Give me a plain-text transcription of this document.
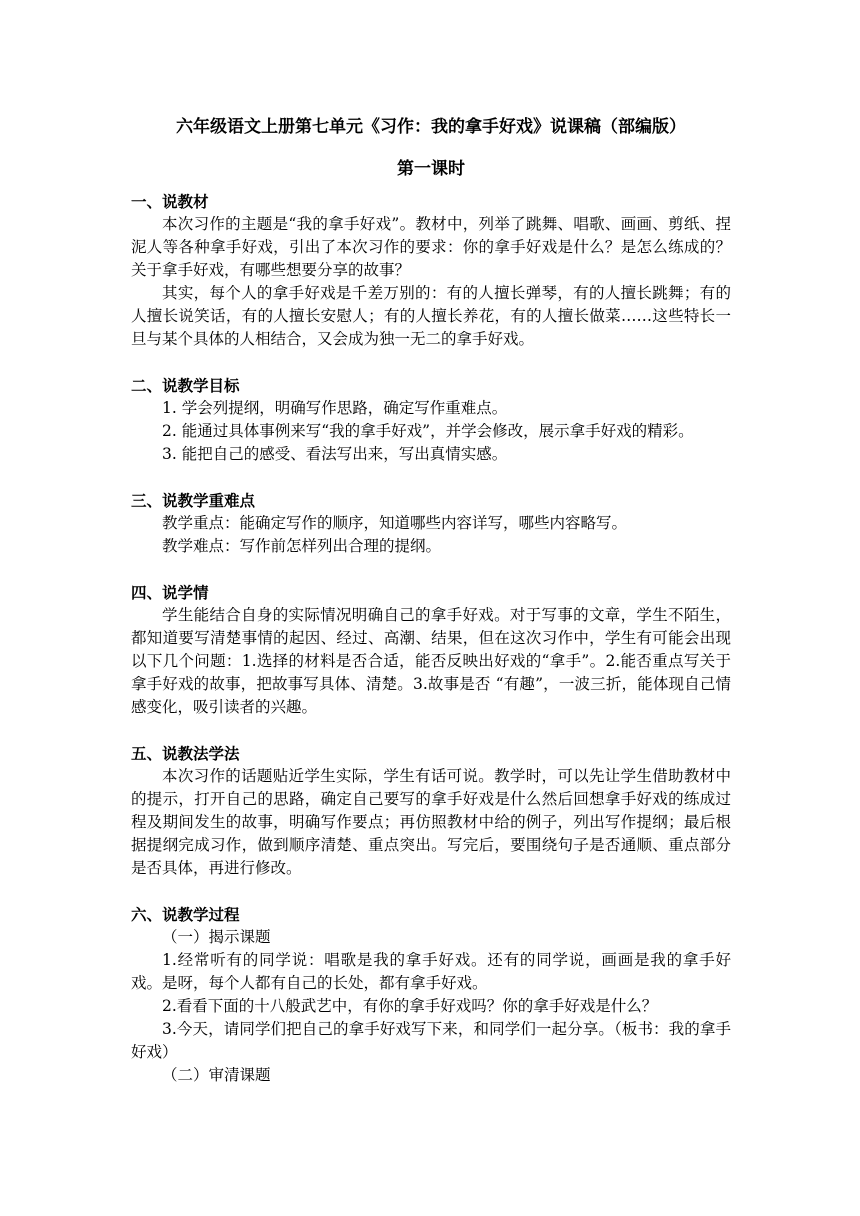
六年级语文上册第七单元《习作：我的拿手好戏》说课稿（部编版）
第一课时

一、说教材

本次习作的主题是“我的拿手好戏”。教材中，列举了跳舞、唱歌、画画、剪纸、捏泥人等各种拿手好戏，引出了本次习作的要求：你的拿手好戏是什么？是怎么练成的？关于拿手好戏，有哪些想要分享的故事？

其实，每个人的拿手好戏是千差万别的：有的人擅长弹琴，有的人擅长跳舞；有的人擅长说笑话，有的人擅长安慰人；有的人擅长养花，有的人擅长做菜……这些特长一旦与某个具体的人相结合，又会成为独一无二的拿手好戏。

二、说教学目标

1. 学会列提纲，明确写作思路，确定写作重难点。

2. 能通过具体事例来写“我的拿手好戏”，并学会修改，展示拿手好戏的精彩。

3. 能把自己的感受、看法写出来，写出真情实感。

三、说教学重难点

教学重点：能确定写作的顺序，知道哪些内容详写，哪些内容略写。

教学难点：写作前怎样列出合理的提纲。

四、说学情

学生能结合自身的实际情况明确自己的拿手好戏。对于写事的文章，学生不陌生，都知道要写清楚事情的起因、经过、高潮、结果，但在这次习作中，学生有可能会出现以下几个问题：1.选择的材料是否合适，能否反映出好戏的“拿手”。2.能否重点写关于拿手好戏的故事，把故事写具体、清楚。3.故事是否 “有趣”，一波三折，能体现自己情感变化，吸引读者的兴趣。

五、说教法学法

本次习作的话题贴近学生实际，学生有话可说。教学时，可以先让学生借助教材中的提示，打开自己的思路，确定自己要写的拿手好戏是什么然后回想拿手好戏的练成过程及期间发生的故事，明确写作要点；再仿照教材中给的例子，列出写作提纲；最后根据提纲完成习作，做到顺序清楚、重点突出。写完后，要围绕句子是否通顺、重点部分是否具体，再进行修改。

六、说教学过程

（一）揭示课题

1.经常听有的同学说：唱歌是我的拿手好戏。还有的同学说，画画是我的拿手好戏。是呀，每个人都有自己的长处，都有拿手好戏。

2.看看下面的十八般武艺中，有你的拿手好戏吗？你的拿手好戏是什么？

3.今天，请同学们把自己的拿手好戏写下来，和同学们一起分享。（板书：我的拿手好戏）

（二）审清课题
